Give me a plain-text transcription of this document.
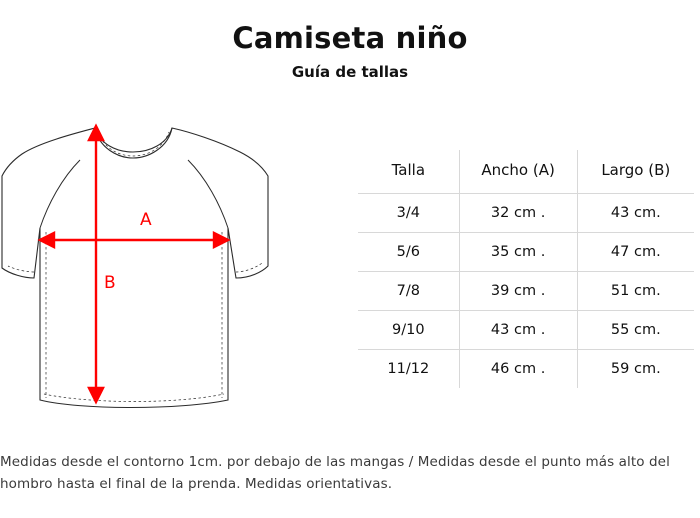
Camiseta niño
Guía de tallas
A
B
Talla	Ancho (A)	Largo (B)
3/4	32 cm .	43 cm.
5/6	35 cm .	47 cm.
7/8	39 cm .	51 cm.
9/10	43 cm .	55 cm.
11/12	46 cm .	59 cm.
Medidas desde el contorno 1cm. por debajo de las mangas / Medidas desde el punto más alto del
hombro hasta el final de la prenda. Medidas orientativas.
